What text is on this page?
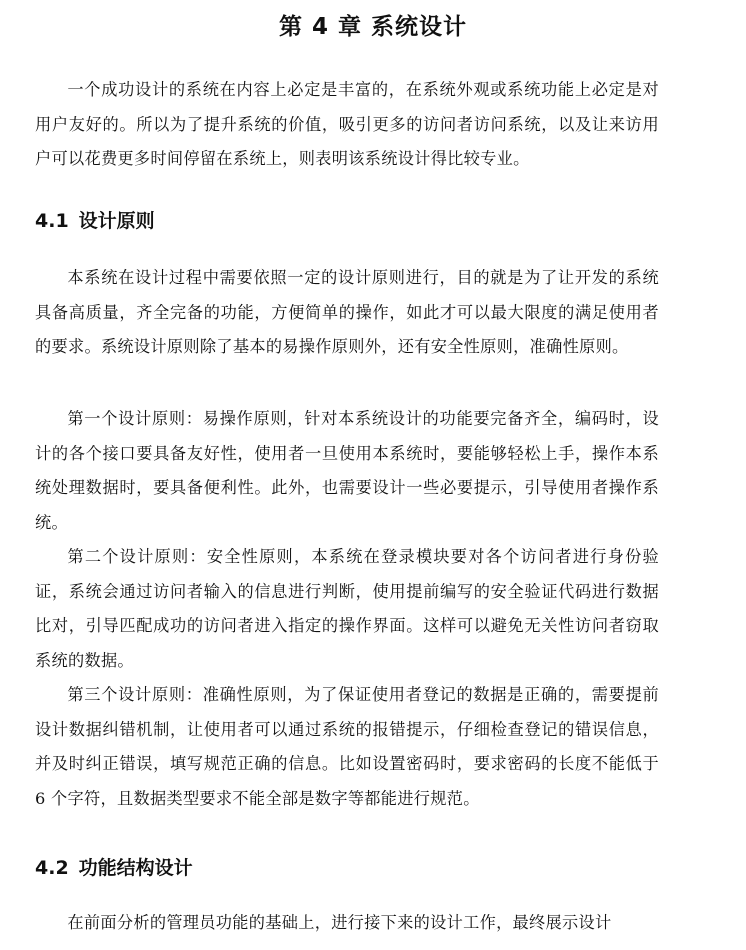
第 4 章 系统设计

一个成功设计的系统在内容上必定是丰富的，在系统外观或系统功能上必定是对用户友好的。所以为了提升系统的价值，吸引更多的访问者访问系统，以及让来访用户可以花费更多时间停留在系统上，则表明该系统设计得比较专业。

4.1 设计原则

本系统在设计过程中需要依照一定的设计原则进行，目的就是为了让开发的系统具备高质量，齐全完备的功能，方便简单的操作，如此才可以最大限度的满足使用者的要求。系统设计原则除了基本的易操作原则外，还有安全性原则，准确性原则。

第一个设计原则：易操作原则，针对本系统设计的功能要完备齐全，编码时，设计的各个接口要具备友好性，使用者一旦使用本系统时，要能够轻松上手，操作本系统处理数据时，要具备便利性。此外，也需要设计一些必要提示，引导使用者操作系统。

第二个设计原则：安全性原则，本系统在登录模块要对各个访问者进行身份验证，系统会通过访问者输入的信息进行判断，使用提前编写的安全验证代码进行数据比对，引导匹配成功的访问者进入指定的操作界面。这样可以避免无关性访问者窃取系统的数据。

第三个设计原则：准确性原则，为了保证使用者登记的数据是正确的，需要提前设计数据纠错机制，让使用者可以通过系统的报错提示，仔细检查登记的错误信息，并及时纠正错误，填写规范正确的信息。比如设置密码时，要求密码的长度不能低于 6 个字符，且数据类型要求不能全部是数字等都能进行规范。

4.2 功能结构设计

在前面分析的管理员功能的基础上，进行接下来的设计工作，最终展示设计
